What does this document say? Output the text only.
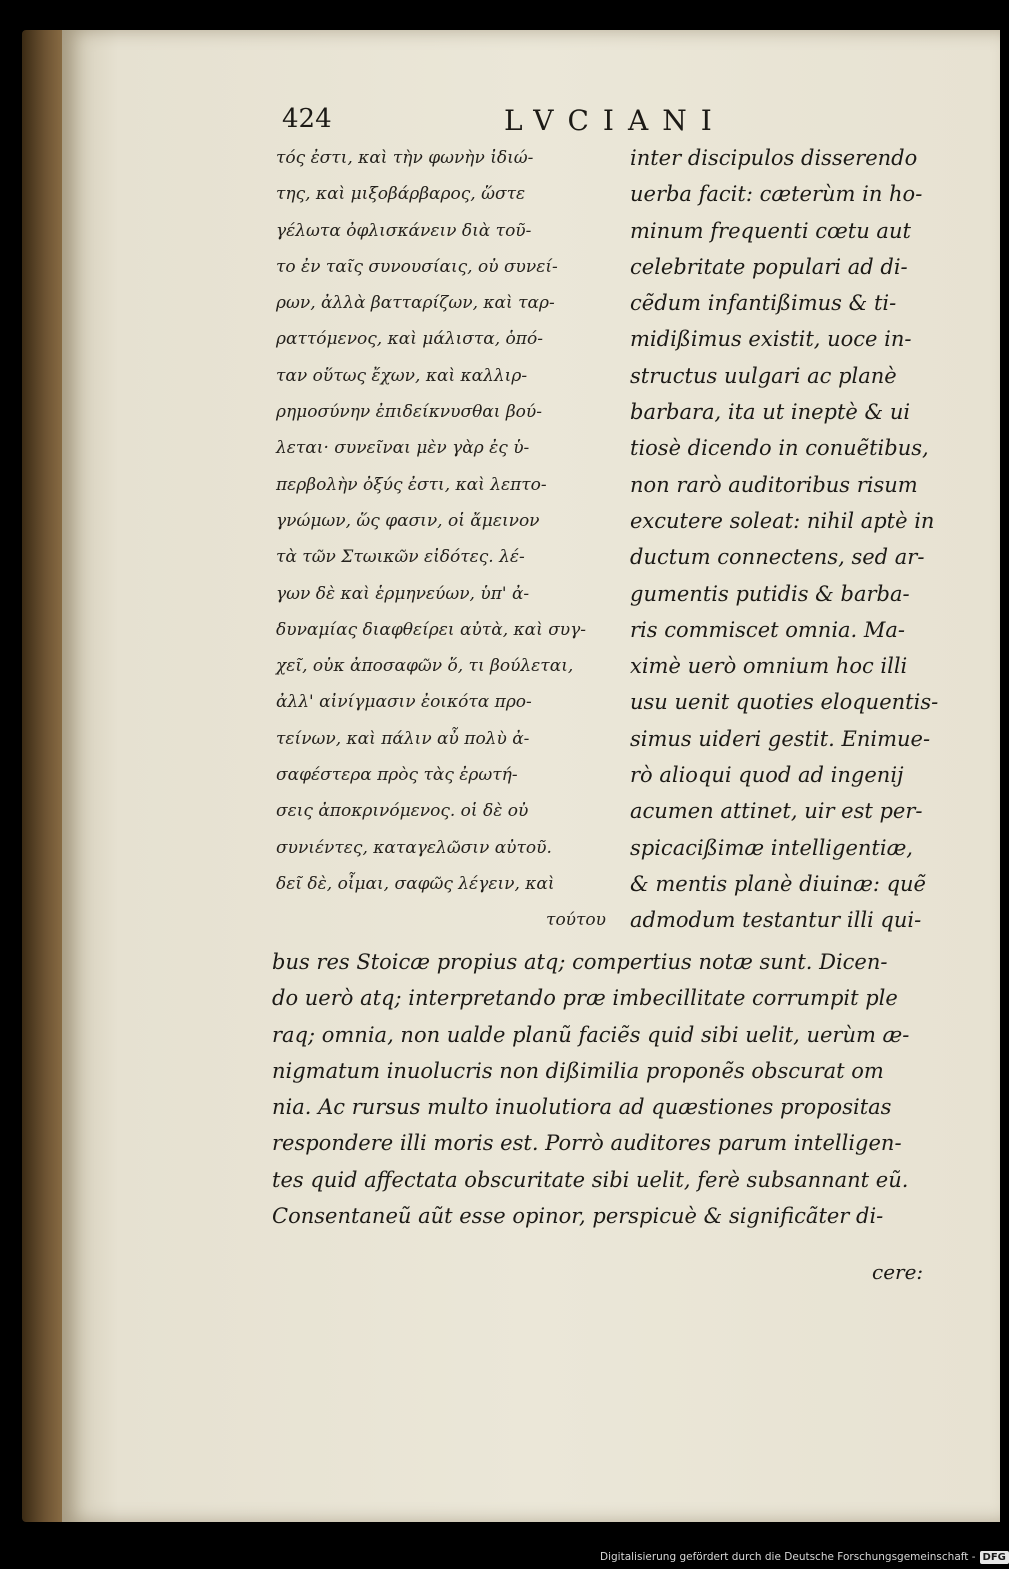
424	LVCIANI
τός ἐστι, καὶ τὴν φωνὴν ἰδιώ-
της, καὶ μιξοβάρβαρος, ὥστε
γέλωτα ὀφλισκάνειν διὰ τοῦ-
το ἐν ταῖς συνουσίαις, οὐ συνεί-
ρων, ἀλλὰ βατταρίζων, καὶ ταρ-
ραττόμενος, καὶ μάλιστα, ὁπό-
ταν οὕτως ἔχων, καὶ καλλιρ-
ρημοσύνην ἐπιδείκνυσθαι βού-
λεται· συνεῖναι μὲν γὰρ ἐς ὑ-
περβολὴν ὀξύς ἐστι, καὶ λεπτο-
γνώμων, ὥς φασιν, οἱ ἄμεινον
τὰ τῶν Στωικῶν εἰδότες. λέ-
γων δὲ καὶ ἑρμηνεύων, ὑπ' ἀ-
δυναμίας διαφθείρει αὐτὰ, καὶ συγ-
χεῖ, οὐκ ἀποσαφῶν ὅ, τι βούλεται,
ἀλλ' αἰνίγμασιν ἐοικότα προ-
τείνων, καὶ πάλιν αὖ πολὺ ἀ-
σαφέστερα πρὸς τὰς ἐρωτή-
σεις ἀποκρινόμενος. οἱ δὲ οὐ
συνιέντες, καταγελῶσιν αὐτοῦ.
δεῖ δὲ, οἶμαι, σαφῶς λέγειν, καὶ
τούτου
inter discipulos disserendo
uerba facit: cæterùm in ho-
minum frequenti cœtu aut
celebritate populari ad di-
cẽdum infantißimus & ti-
midißimus existit, uoce in-
structus uulgari ac planè
barbara, ita ut ineptè & ui
tiosè dicendo in conuẽtibus,
non rarò auditoribus risum
excutere soleat: nihil aptè in
ductum connectens, sed ar-
gumentis putidis & barba-
ris commiscet omnia. Ma-
ximè uerò omnium hoc illi
usu uenit quoties eloquentis-
simus uideri gestit. Enimue-
rò alioqui quod ad ingenij
acumen attinet, uir est per-
spicacißimæ intelligentiæ,
& mentis planè diuinæ: quẽ
admodum testantur illi qui-
bus res Stoicæ propius atq; compertius notæ sunt. Dicen-
do uerò atq; interpretando præ imbecillitate corrumpit ple
raq; omnia, non ualde planũ faciẽs quid sibi uelit, uerùm æ-
nigmatum inuolucris non dißimilia proponẽs obscurat om
nia. Ac rursus multo inuolutiora ad quæstiones propositas
respondere illi moris est. Porrò auditores parum intelligen-
tes quid affectata obscuritate sibi uelit, ferè subsannant eũ.
Consentaneũ aũt esse opinor, perspicuè & significãter di-
cere:
Digitalisierung gefördert durch die Deutsche Forschungsgemeinschaft - DFG
